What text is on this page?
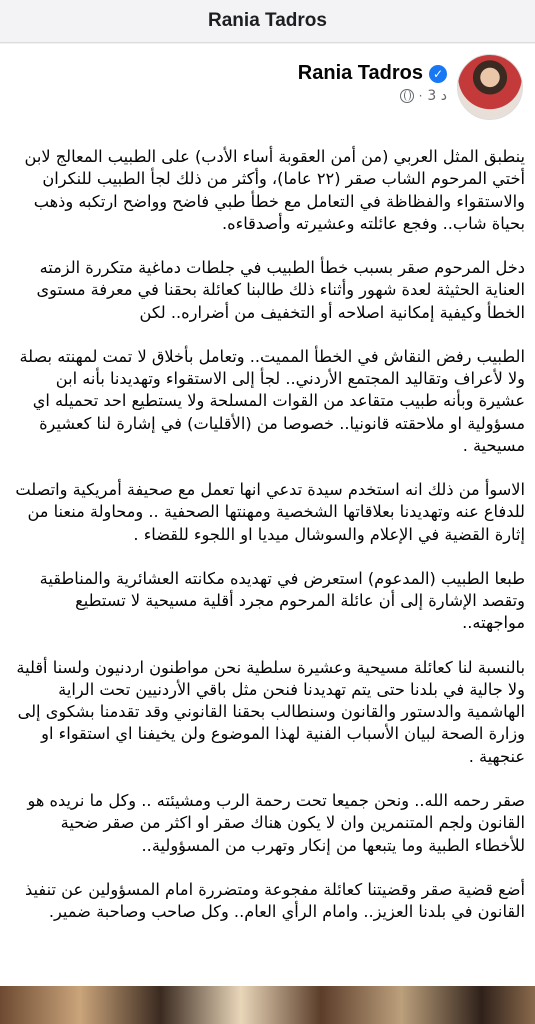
Rania Tadros
✓
Rania Tadros
3 د
·

ينطبق المثل العربي (من أمن العقوبة أساء الأدب) على الطبيب المعالج لابن أختي المرحوم الشاب صقر (٢٢ عاما)، وأكثر من ذلك لجأ الطبيب للنكران والاستقواء والفظاظة في التعامل مع خطأ طبي فاضح وواضح ارتكبه وذهب بحياة شاب.. وفجع عائلته وعشيرته وأصدقاءه.

دخل المرحوم صقر بسبب خطأ الطبيب في جلطات دماغية متكررة الزمته العناية الحثيثة لعدة شهور وأثناء ذلك طالبنا كعائلة بحقنا في معرفة مستوى الخطأ وكيفية إمكانية اصلاحه أو التخفيف من أضراره.. لكن

الطبيب رفض النقاش في الخطأ المميت.. وتعامل بأخلاق لا تمت لمهنته بصلة ولا لأعراف وتقاليد المجتمع الأردني.. لجأ إلى الاستقواء وتهديدنا بأنه ابن عشيرة وبأنه طبيب متقاعد من القوات المسلحة ولا يستطيع احد تحميله اي مسؤولية او ملاحقته قانونيا.. خصوصا من (الأقليات) في إشارة لنا كعشيرة مسيحية .

الاسوأ من ذلك انه استخدم سيدة تدعي انها تعمل مع صحيفة أمريكية واتصلت للدفاع عنه وتهديدنا بعلاقاتها الشخصية ومهنتها الصحفية .. ومحاولة منعنا من إثارة القضية في الإعلام والسوشال ميديا او اللجوء للقضاء .

طبعا الطبيب (المدعوم) استعرض في تهديده مكانته العشائرية والمناطقية وتقصد الإشارة إلى أن عائلة المرحوم مجرد أقلية مسيحية لا تستطيع مواجهته..

بالنسبة لنا كعائلة مسيحية وعشيرة سلطية نحن مواطنون اردنيون ولسنا أقلية ولا جالية في بلدنا حتى يتم تهديدنا فنحن مثل باقي الأردنيين تحت الراية الهاشمية والدستور والقانون وسنطالب بحقنا القانوني وقد تقدمنا بشكوى إلى وزارة الصحة لبيان الأسباب الفنية لهذا الموضوع ولن يخيفنا اي استقواء او عنجهية .

صقر رحمه الله.. ونحن جميعا تحت رحمة الرب ومشيئته .. وكل ما نريده هو القانون ولجم المتنمرين وان لا يكون هناك صقر او اكثر من صقر ضحية للأخطاء الطبية وما يتبعها من إنكار وتهرب من المسؤولية..

أضع قضية صقر وقضيتنا كعائلة مفجوعة ومتضررة امام المسؤولين عن تنفيذ القانون في بلدنا العزيز.. وامام الرأي العام.. وكل صاحب وصاحبة ضمير.
